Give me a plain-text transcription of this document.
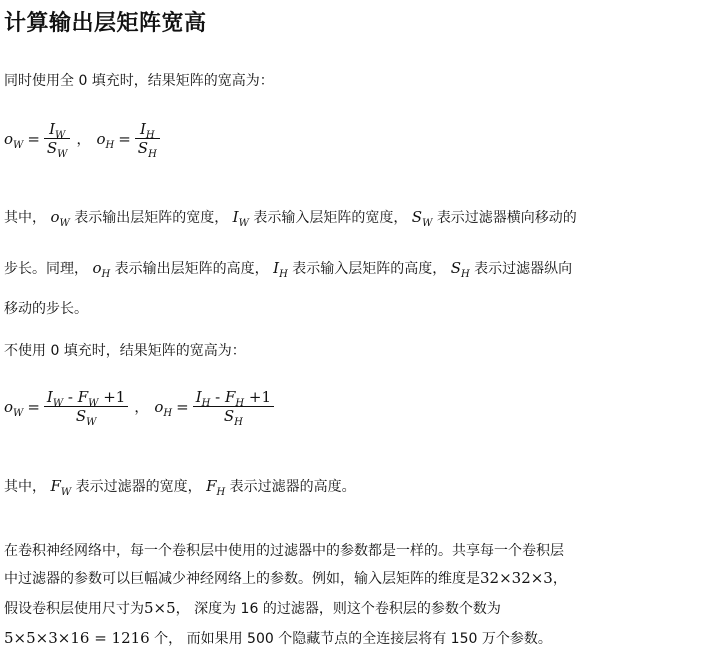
计算输出层矩阵宽高
同时使用全 0 填充时，结果矩阵的宽高为：
$o_W = \frac{I_W}{S_W}$ ， $o_H = \frac{I_H}{S_H}$
其中， $o_W$ 表示输出层矩阵的宽度， $I_W$ 表示输入层矩阵的宽度， $S_W$ 表示过滤器横向移动的
步长。同理， $o_H$ 表示输出层矩阵的高度， $I_H$ 表示输入层矩阵的高度， $S_H$ 表示过滤器纵向
移动的步长。
不使用 0 填充时，结果矩阵的宽高为：
$o_W = \frac{I_W - F_W +1}{S_W}$ ， $o_H = \frac{I_H - F_H +1}{S_H}$
其中， $F_W$ 表示过滤器的宽度， $F_H$ 表示过滤器的高度。
在卷积神经网络中，每一个卷积层中使用的过滤器中的参数都是一样的。共享每一个卷积层
中过滤器的参数可以巨幅减少神经网络上的参数。例如，输入层矩阵的维度是32×32×3，
假设卷积层使用尺寸为5×5， 深度为 16 的过滤器，则这个卷积层的参数个数为
5×5×3×16 = 1216 个， 而如果用 500 个隐藏节点的全连接层将有 150 万个参数。
